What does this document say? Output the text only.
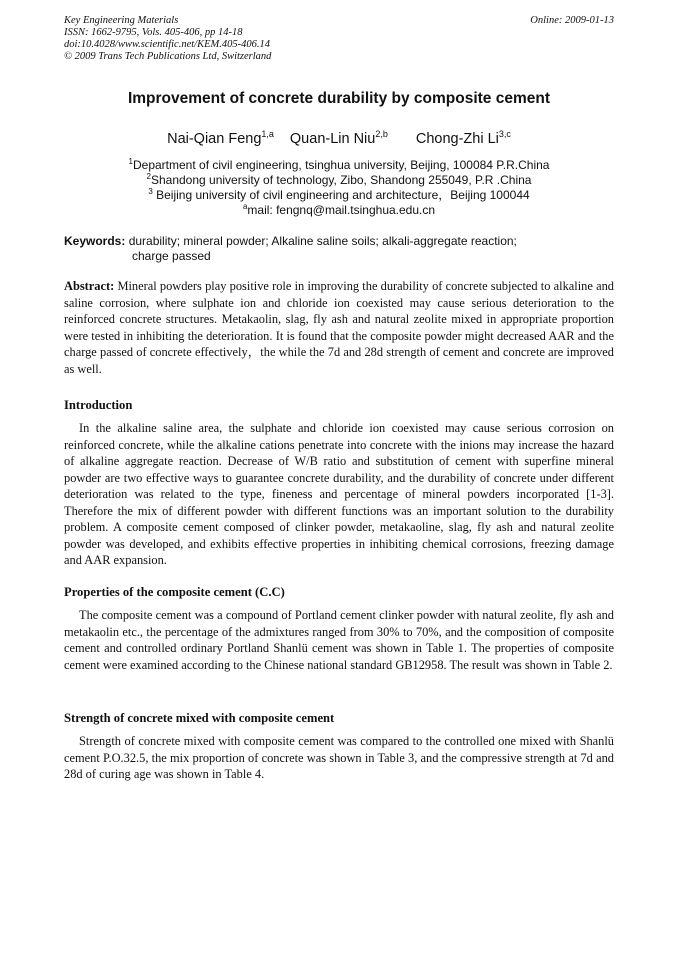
Key Engineering Materials
ISSN: 1662-9795, Vols. 405-406, pp 14-18
doi:10.4028/www.scientific.net/KEM.405-406.14
© 2009 Trans Tech Publications Ltd, Switzerland
Online: 2009-01-13
Improvement of concrete durability by composite cement
Nai-Qian Feng$^{1,a}$ Quan-Lin Niu$^{2,b}$ Chong-Zhi Li$^{3,c}$
$^1$Department of civil engineering, tsinghua university, Beijing, 100084 P.R.China
$^2$Shandong university of technology, Zibo, Shandong 255049, P.R .China
$^3$ Beijing university of civil engineering and architecture，Beijing 100044
$^a$mail: fengnq@mail.tsinghua.edu.cn
Keywords: durability; mineral powder; Alkaline saline soils; alkali-aggregate reaction;
charge passed
Abstract: Mineral powders play positive role in improving the durability of concrete subjected to alkaline and saline corrosion, where sulphate ion and chloride ion coexisted may cause serious deterioration to the reinforced concrete structures. Metakaolin, slag, fly ash and natural zeolite mixed in appropriate proportion were tested in inhibiting the deterioration. It is found that the composite powder might decreased AAR and the charge passed of concrete effectively，the while the 7d and 28d strength of cement and concrete are improved as well.
Introduction
In the alkaline saline area, the sulphate and chloride ion coexisted may cause serious corrosion on reinforced concrete, while the alkaline cations penetrate into concrete with the inions may increase the hazard of alkaline aggregate reaction. Decrease of W/B ratio and substitution of cement with superfine mineral powder are two effective ways to guarantee concrete durability, and the durability of concrete under different deterioration was related to the type, fineness and percentage of mineral powders incorporated [1-3]. Therefore the mix of different powder with different functions was an important solution to the durability problem. A composite cement composed of clinker powder, metakaoline, slag, fly ash and natural zeolite powder was developed, and exhibits effective properties in inhibiting chemical corrosions, freezing damage and AAR expansion.
Properties of the composite cement (C.C)
The composite cement was a compound of Portland cement clinker powder with natural zeolite, fly ash and metakaolin etc., the percentage of the admixtures ranged from 30% to 70%, and the composition of composite cement and controlled ordinary Portland Shanlü cement was shown in Table 1. The properties of composite cement were examined according to the Chinese national standard GB12958. The result was shown in Table 2.
Strength of concrete mixed with composite cement
Strength of concrete mixed with composite cement was compared to the controlled one mixed with Shanlü cement P.O.32.5, the mix proportion of concrete was shown in Table 3, and the compressive strength at 7d and 28d of curing age was shown in Table 4.
